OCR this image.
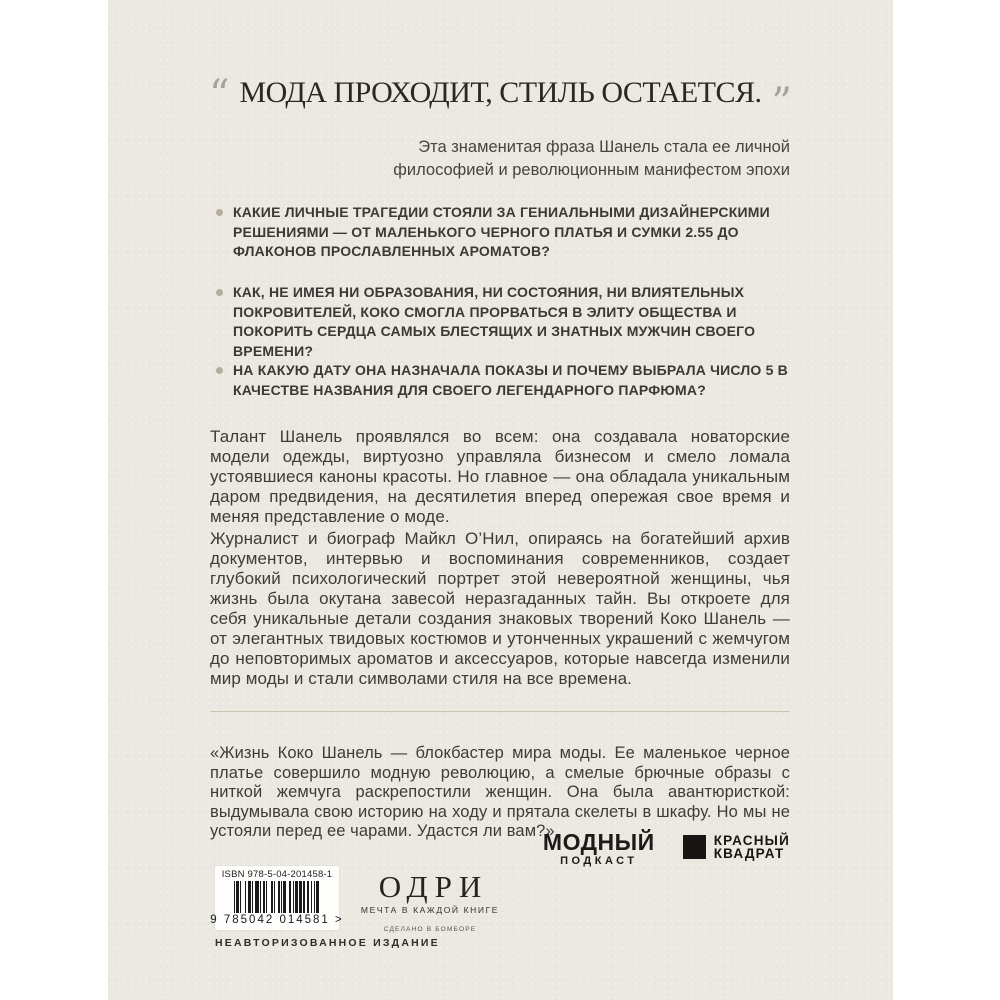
“ МОДА ПРОХОДИТ, СТИЛЬ ОСТАЕТСЯ. ”
Эта знаменитая фраза Шанель стала ее личной философией и революционным манифестом эпохи
КАКИЕ ЛИЧНЫЕ ТРАГЕДИИ СТОЯЛИ ЗА ГЕНИАЛЬНЫМИ ДИЗАЙНЕРСКИМИ РЕШЕНИЯМИ — ОТ МАЛЕНЬКОГО ЧЕРНОГО ПЛАТЬЯ И СУМКИ 2.55 ДО ФЛАКОНОВ ПРОСЛАВЛЕННЫХ АРОМАТОВ?
КАК, НЕ ИМЕЯ НИ ОБРАЗОВАНИЯ, НИ СОСТОЯНИЯ, НИ ВЛИЯТЕЛЬНЫХ ПОКРОВИТЕЛЕЙ, КОКО СМОГЛА ПРОРВАТЬСЯ В ЭЛИТУ ОБЩЕСТВА И ПОКОРИТЬ СЕРДЦА САМЫХ БЛЕСТЯЩИХ И ЗНАТНЫХ МУЖЧИН СВОЕГО ВРЕМЕНИ?
НА КАКУЮ ДАТУ ОНА НАЗНАЧАЛА ПОКАЗЫ И ПОЧЕМУ ВЫБРАЛА ЧИСЛО 5 В КАЧЕСТВЕ НАЗВАНИЯ ДЛЯ СВОЕГО ЛЕГЕНДАРНОГО ПАРФЮМА?
Талант Шанель проявлялся во всем: она создавала новаторские модели одежды, виртуозно управляла бизнесом и смело ломала устоявшиеся каноны красоты. Но главное — она обладала уникальным даром предвидения, на десятилетия вперед опережая свое время и меняя представление о моде.
Журналист и биограф Майкл О’Нил, опираясь на богатейший архив документов, интервью и воспоминания современников, создает глубокий психологический портрет этой невероятной женщины, чья жизнь была окутана завесой неразгаданных тайн. Вы откроете для себя уникальные детали создания знаковых творений Коко Шанель — от элегантных твидовых костюмов и утонченных украшений с жемчугом до неповторимых ароматов и аксессуаров, которые навсегда изменили мир моды и стали символами стиля на все времена.
«Жизнь Коко Шанель — блокбастер мира моды. Ее маленькое черное платье совершило модную революцию, а смелые брючные образы с ниткой жемчуга раскрепостили женщин. Она была авантюристкой: выдумывала свою историю на ходу и прятала скелеты в шкафу. Но мы не устояли перед ее чарами. Удастся ли вам?»
МОДНЫЙ
ПОДКАСТ
КРАСНЫЙ
КВАДРАТ
ISBN 978-5-04-201458-1
9 785042 014581 >
ОДРИ
МЕЧТА В КАЖДОЙ КНИГЕ
СДЕЛАНО В БОМБОРЕ
НЕАВТОРИЗОВАННОЕ ИЗДАНИЕ
